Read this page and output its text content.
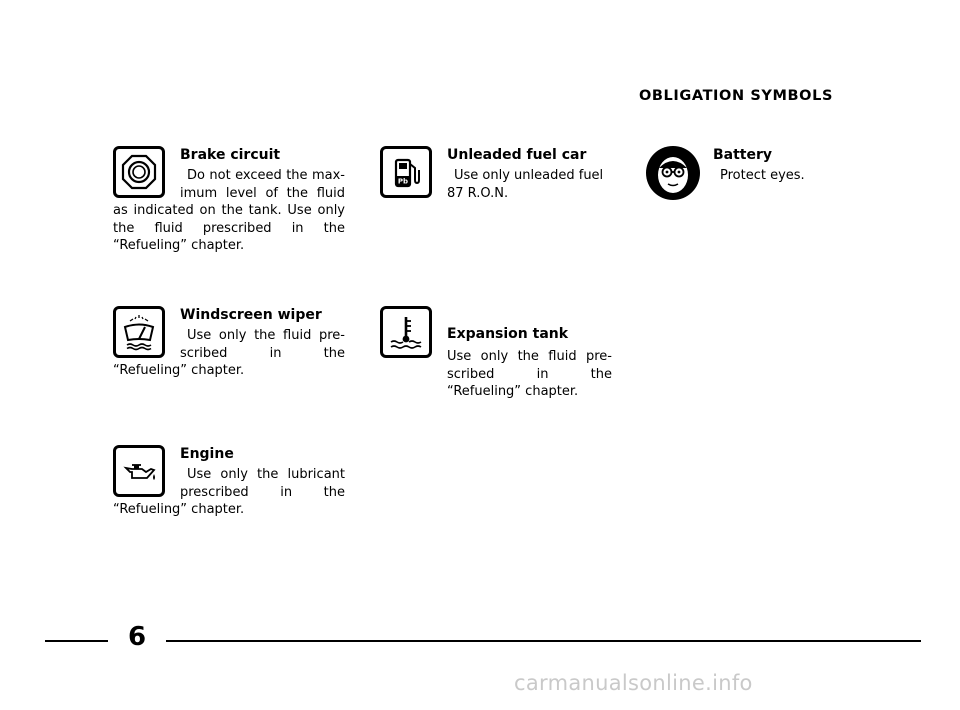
OBLIGATION SYMBOLS
Brake circuit
Do not exceed the max-imum level of the fluid as indicated on the tank. Use only the fluid prescribed in the “Refueling” chapter.
Pb
Unleaded fuel car
Use only unleaded fuel 87 R.O.N.
Battery
Protect eyes.
Windscreen wiper
Use only the fluid pre-scribed in the “Refueling” chapter.
Expansion tank
Use only the fluid pre-scribed in the “Refueling” chapter.
Engine
Use only the lubricant prescribed in the “Refueling” chapter.
6
carmanualsonline.info
